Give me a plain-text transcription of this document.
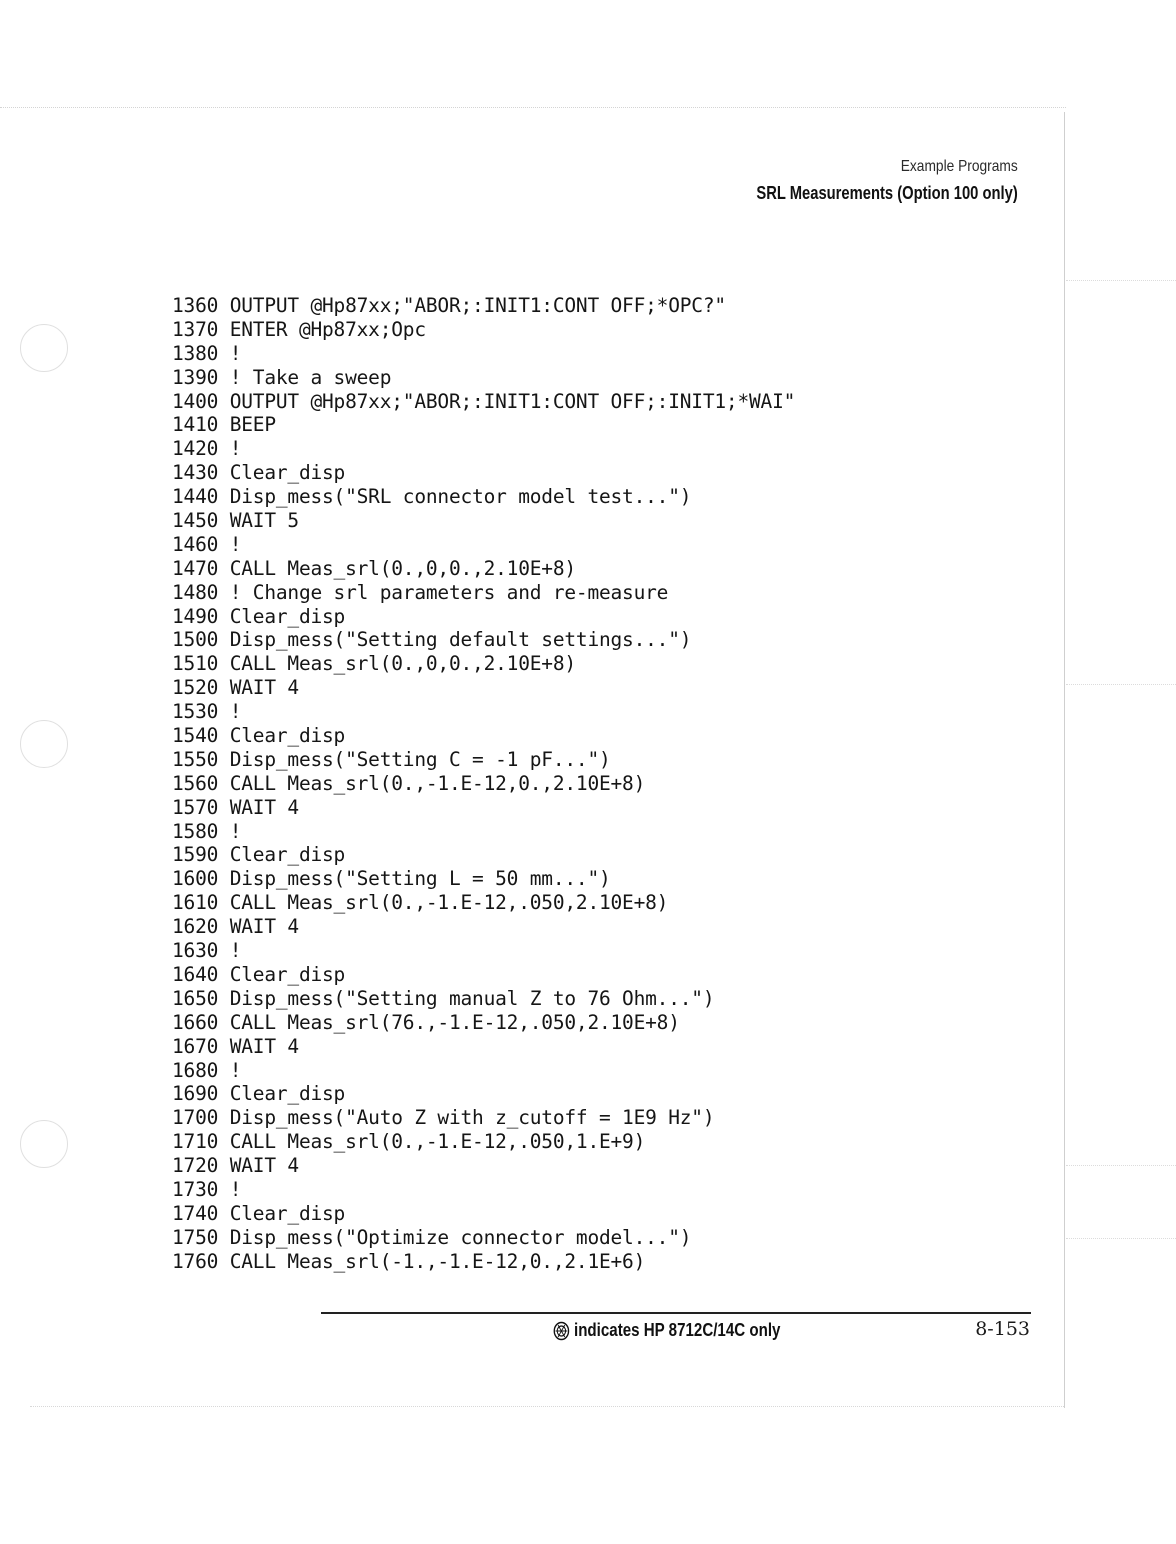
Example Programs
SRL Measurements (Option 100 only)
1360 OUTPUT @Hp87xx;"ABOR;:INIT1:CONT OFF;*OPC?"
1370 ENTER @Hp87xx;Opc
1380 !
1390 ! Take a sweep
1400 OUTPUT @Hp87xx;"ABOR;:INIT1:CONT OFF;:INIT1;*WAI"
1410 BEEP
1420 !
1430 Clear_disp
1440 Disp_mess("SRL connector model test...")
1450 WAIT 5
1460 !
1470 CALL Meas_srl(0.,0,0.,2.10E+8)
1480 ! Change srl parameters and re-measure
1490 Clear_disp
1500 Disp_mess("Setting default settings...")
1510 CALL Meas_srl(0.,0,0.,2.10E+8)
1520 WAIT 4
1530 !
1540 Clear_disp
1550 Disp_mess("Setting C = -1 pF...")
1560 CALL Meas_srl(0.,-1.E-12,0.,2.10E+8)
1570 WAIT 4
1580 !
1590 Clear_disp
1600 Disp_mess("Setting L = 50 mm...")
1610 CALL Meas_srl(0.,-1.E-12,.050,2.10E+8)
1620 WAIT 4
1630 !
1640 Clear_disp
1650 Disp_mess("Setting manual Z to 76 Ohm...")
1660 CALL Meas_srl(76.,-1.E-12,.050,2.10E+8)
1670 WAIT 4
1680 !
1690 Clear_disp
1700 Disp_mess("Auto Z with z_cutoff = 1E9 Hz")
1710 CALL Meas_srl(0.,-1.E-12,.050,1.E+9)
1720 WAIT 4
1730 !
1740 Clear_disp
1750 Disp_mess("Optimize connector model...")
1760 CALL Meas_srl(-1.,-1.E-12,0.,2.1E+6)
indicates HP 8712C/14C only	8-153
